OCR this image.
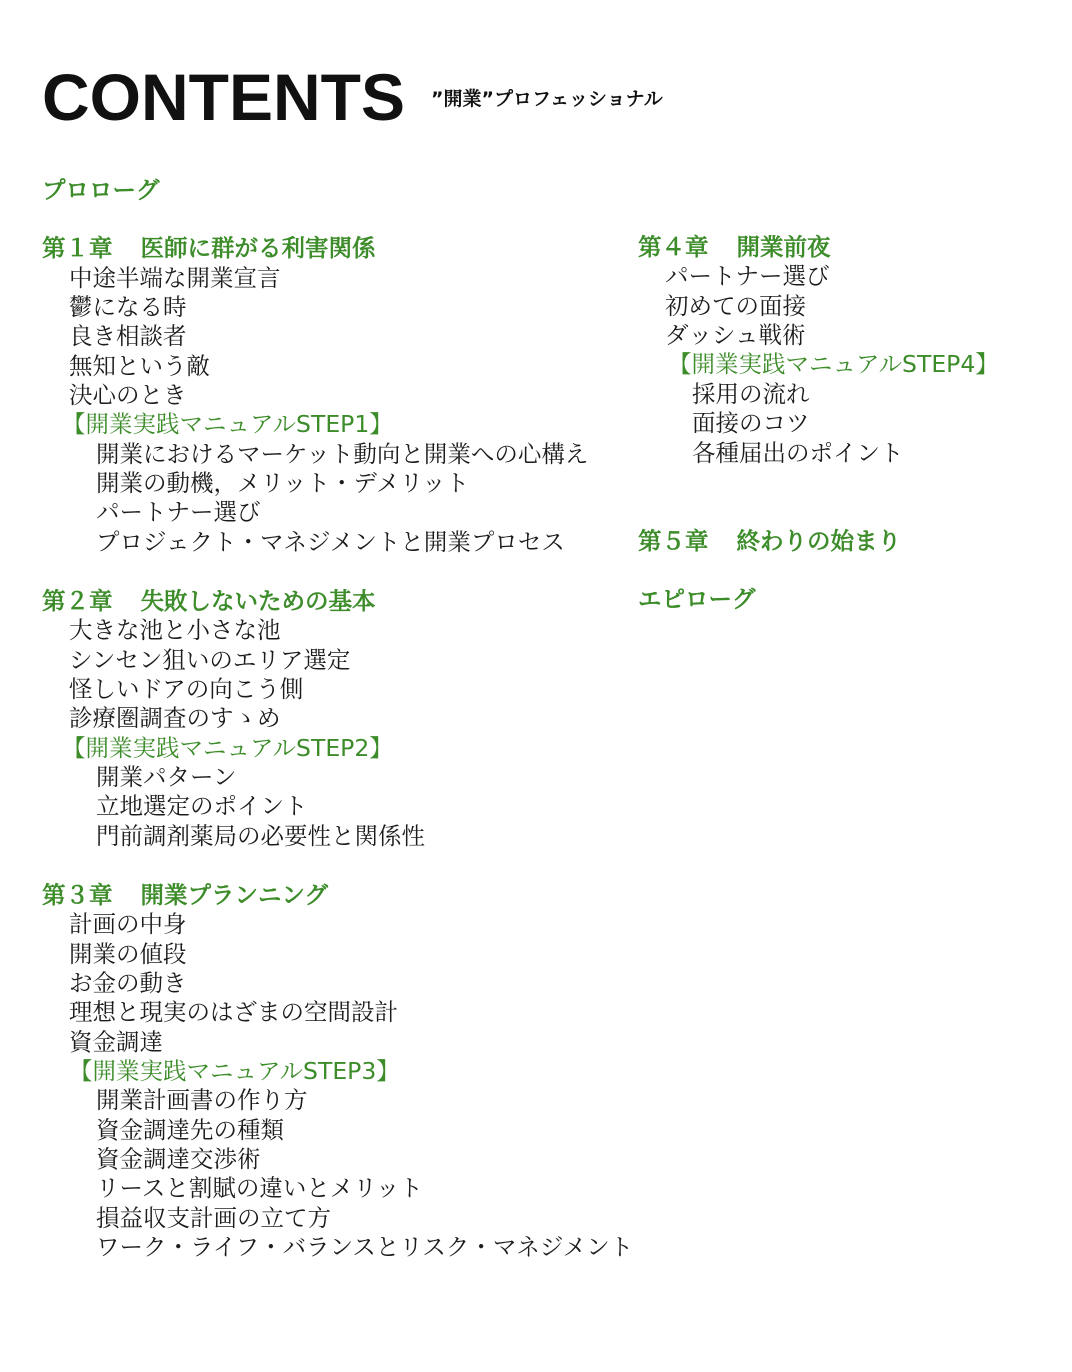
CONTENTS ”開業”プロフェッショナル
プロローグ
第１章 医師に群がる利害関係
中途半端な開業宣言
鬱になる時
良き相談者
無知という敵
決心のとき
【開業実践マニュアルSTEP1】
開業におけるマーケット動向と開業への心構え
開業の動機，メリット・デメリット
パートナー選び
プロジェクト・マネジメントと開業プロセス
第２章 失敗しないための基本
大きな池と小さな池
シンセン狙いのエリア選定
怪しいドアの向こう側
診療圏調査のすゝめ
【開業実践マニュアルSTEP2】
開業パターン
立地選定のポイント
門前調剤薬局の必要性と関係性
第３章 開業プランニング
計画の中身
開業の値段
お金の動き
理想と現実のはざまの空間設計
資金調達
【開業実践マニュアルSTEP3】
開業計画書の作り方
資金調達先の種類
資金調達交渉術
リースと割賦の違いとメリット
損益収支計画の立て方
ワーク・ライフ・バランスとリスク・マネジメント
第４章 開業前夜
パートナー選び
初めての面接
ダッシュ戦術
【開業実践マニュアルSTEP4】
採用の流れ
面接のコツ
各種届出のポイント
第５章 終わりの始まり
エピローグ
